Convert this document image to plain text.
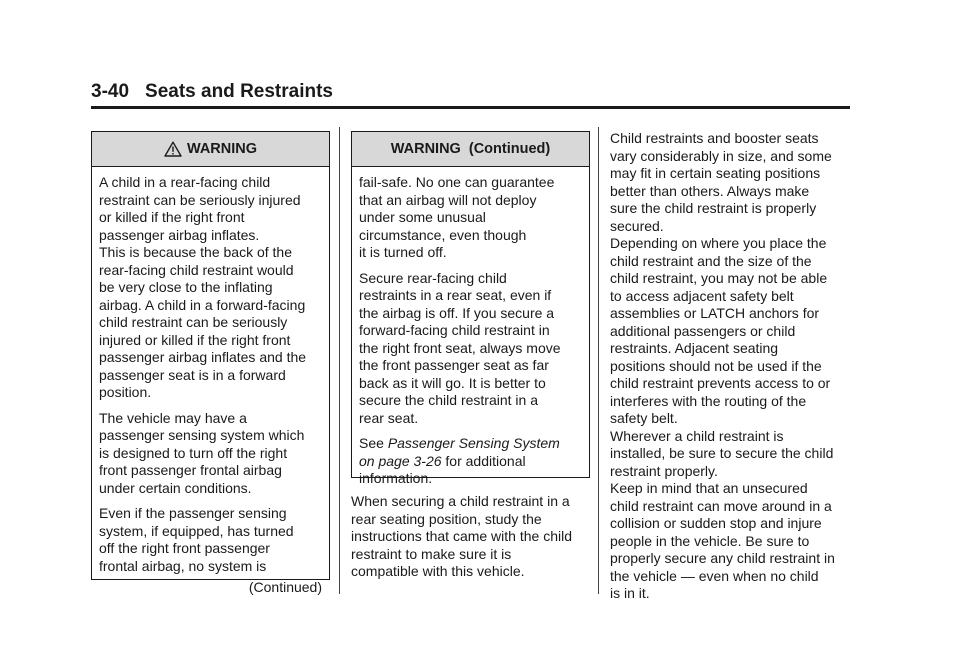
3-40 Seats and Restraints
WARNING

A child in a rear-facing child
restraint can be seriously injured
or killed if the right front
passenger airbag inflates.
This is because the back of the
rear-facing child restraint would
be very close to the inflating
airbag. A child in a forward-facing
child restraint can be seriously
injured or killed if the right front
passenger airbag inflates and the
passenger seat is in a forward
position.

The vehicle may have a
passenger sensing system which
is designed to turn off the right
front passenger frontal airbag
under certain conditions.

Even if the passenger sensing
system, if equipped, has turned
off the right front passenger
frontal airbag, no system is

(Continued)

WARNING  (Continued)

fail-safe. No one can guarantee
that an airbag will not deploy
under some unusual
circumstance, even though
it is turned off.

Secure rear-facing child
restraints in a rear seat, even if
the airbag is off. If you secure a
forward-facing child restraint in
the right front seat, always move
the front passenger seat as far
back as it will go. It is better to
secure the child restraint in a
rear seat.

See Passenger Sensing System
on page 3-26 for additional
information.

When securing a child restraint in a
rear seating position, study the
instructions that came with the child
restraint to make sure it is
compatible with this vehicle.

Child restraints and booster seats
vary considerably in size, and some
may fit in certain seating positions
better than others. Always make
sure the child restraint is properly
secured.

Depending on where you place the
child restraint and the size of the
child restraint, you may not be able
to access adjacent safety belt
assemblies or LATCH anchors for
additional passengers or child
restraints. Adjacent seating
positions should not be used if the
child restraint prevents access to or
interferes with the routing of the
safety belt.

Wherever a child restraint is
installed, be sure to secure the child
restraint properly.

Keep in mind that an unsecured
child restraint can move around in a
collision or sudden stop and injure
people in the vehicle. Be sure to
properly secure any child restraint in
the vehicle — even when no child
is in it.
